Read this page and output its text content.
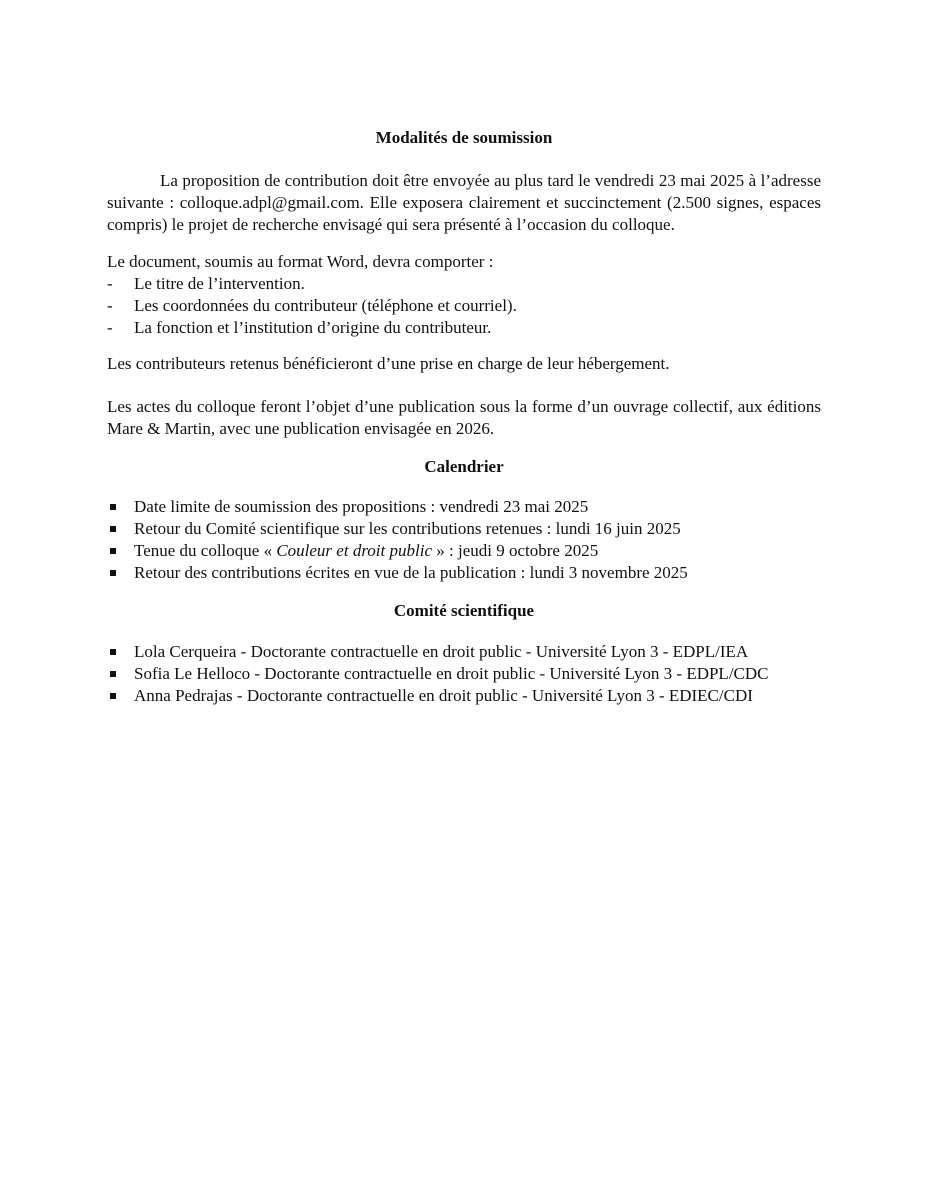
Modalités de soumission

La proposition de contribution doit être envoyée au plus tard le vendredi 23 mai 2025 à l’adresse suivante : colloque.adpl@gmail.com. Elle exposera clairement et succinctement (2.500 signes, espaces compris) le projet de recherche envisagé qui sera présenté à l’occasion du colloque.

Le document, soumis au format Word, devra comporter :

- Le titre de l’intervention.
- Les coordonnées du contributeur (téléphone et courriel).
- La fonction et l’institution d’origine du contributeur.

Les contributeurs retenus bénéficieront d’une prise en charge de leur hébergement.

Les actes du colloque feront l’objet d’une publication sous la forme d’un ouvrage collectif, aux éditions Mare & Martin, avec une publication envisagée en 2026.

Calendrier

Date limite de soumission des propositions : vendredi 23 mai 2025
Retour du Comité scientifique sur les contributions retenues : lundi 16 juin 2025
Tenue du colloque « Couleur et droit public » : jeudi 9 octobre 2025
Retour des contributions écrites en vue de la publication : lundi 3 novembre 2025

Comité scientifique

Lola Cerqueira - Doctorante contractuelle en droit public - Université Lyon 3 - EDPL/IEA
Sofia Le Helloco - Doctorante contractuelle en droit public - Université Lyon 3 - EDPL/CDC
Anna Pedrajas - Doctorante contractuelle en droit public - Université Lyon 3 - EDIEC/CDI
